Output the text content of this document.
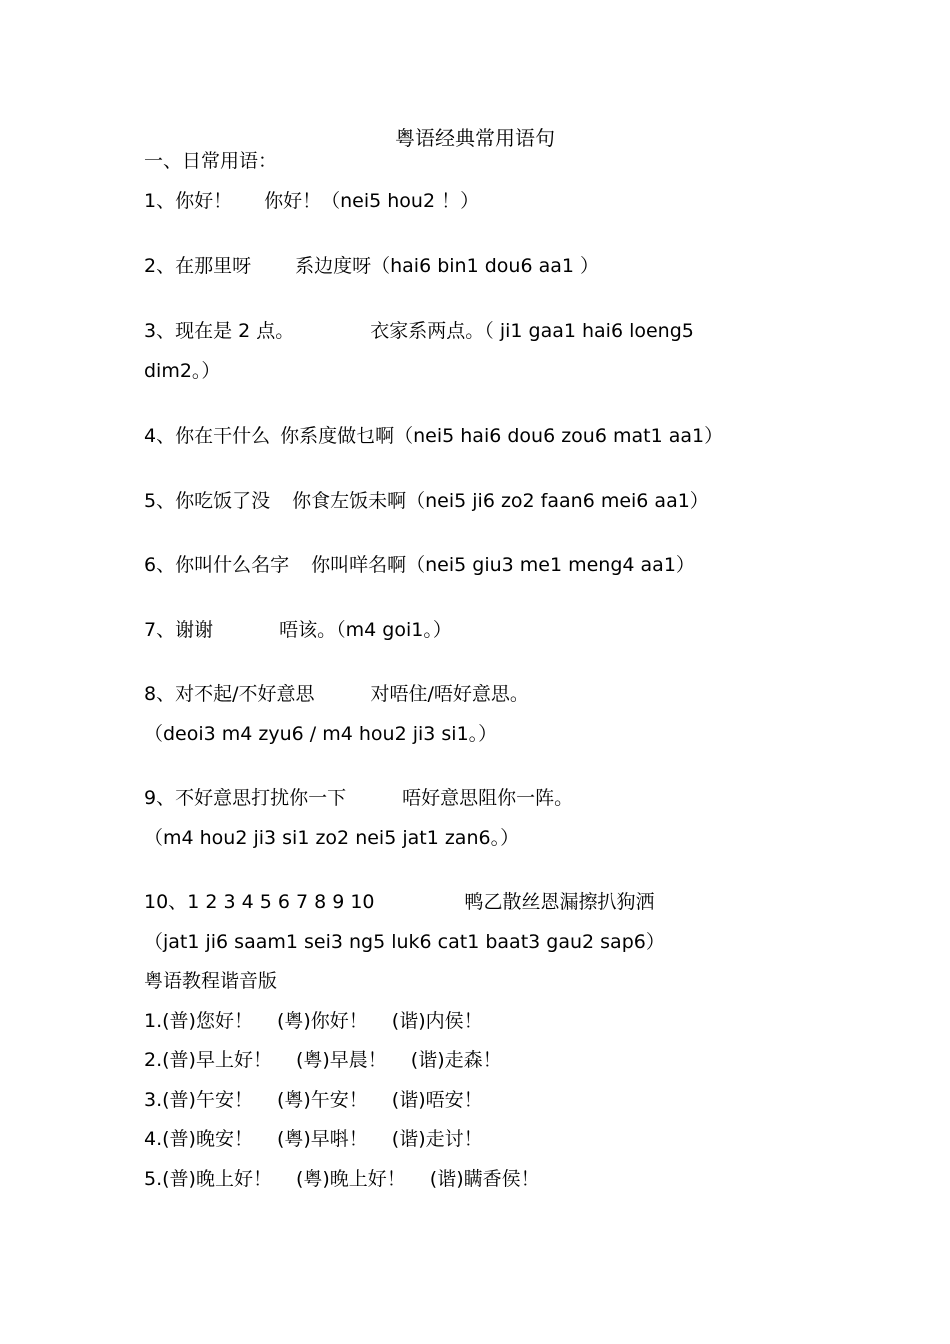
粤语经典常用语句
一、日常用语：
1、你好！ 你好！（nei5 hou2 ！）
2、在那里呀 系边度呀（hai6 bin1 dou6 aa1 ）
3、现在是 2 点。	衣家系两点。（ ji1 gaa1 hai6 loeng5
dim2。）
4、你在干什么 你系度做乜啊（nei5 hai6 dou6 zou6 mat1 aa1）
5、你吃饭了没 你食左饭未啊（nei5 ji6 zo2 faan6 mei6 aa1）
6、你叫什么名字 你叫咩名啊（nei5 giu3 me1 meng4 aa1）
7、谢谢	唔该。（m4 goi1。）
8、对不起/不好意思	对唔住/唔好意思。
（deoi3 m4 zyu6 / m4 hou2 ji3 si1。）
9、不好意思打扰你一下	唔好意思阻你一阵。
（m4 hou2 ji3 si1 zo2 nei5 jat1 zan6。）
10、1 2 3 4 5 6 7 8 9 10	鸭乙散丝恩漏擦扒狗洒
（jat1 ji6 saam1 sei3 ng5 luk6 cat1 baat3 gau2 sap6）
粤语教程谐音版
1.(普)您好！ (粤)你好！ (谐)内侯！
2.(普)早上好！ (粤)早晨！ (谐)走森！
3.(普)午安！ (粤)午安！ (谐)唔安！
4.(普)晚安！ (粤)早唞！ (谐)走讨！
5.(普)晚上好！ (粤)晚上好！ (谐)瞒香侯！
